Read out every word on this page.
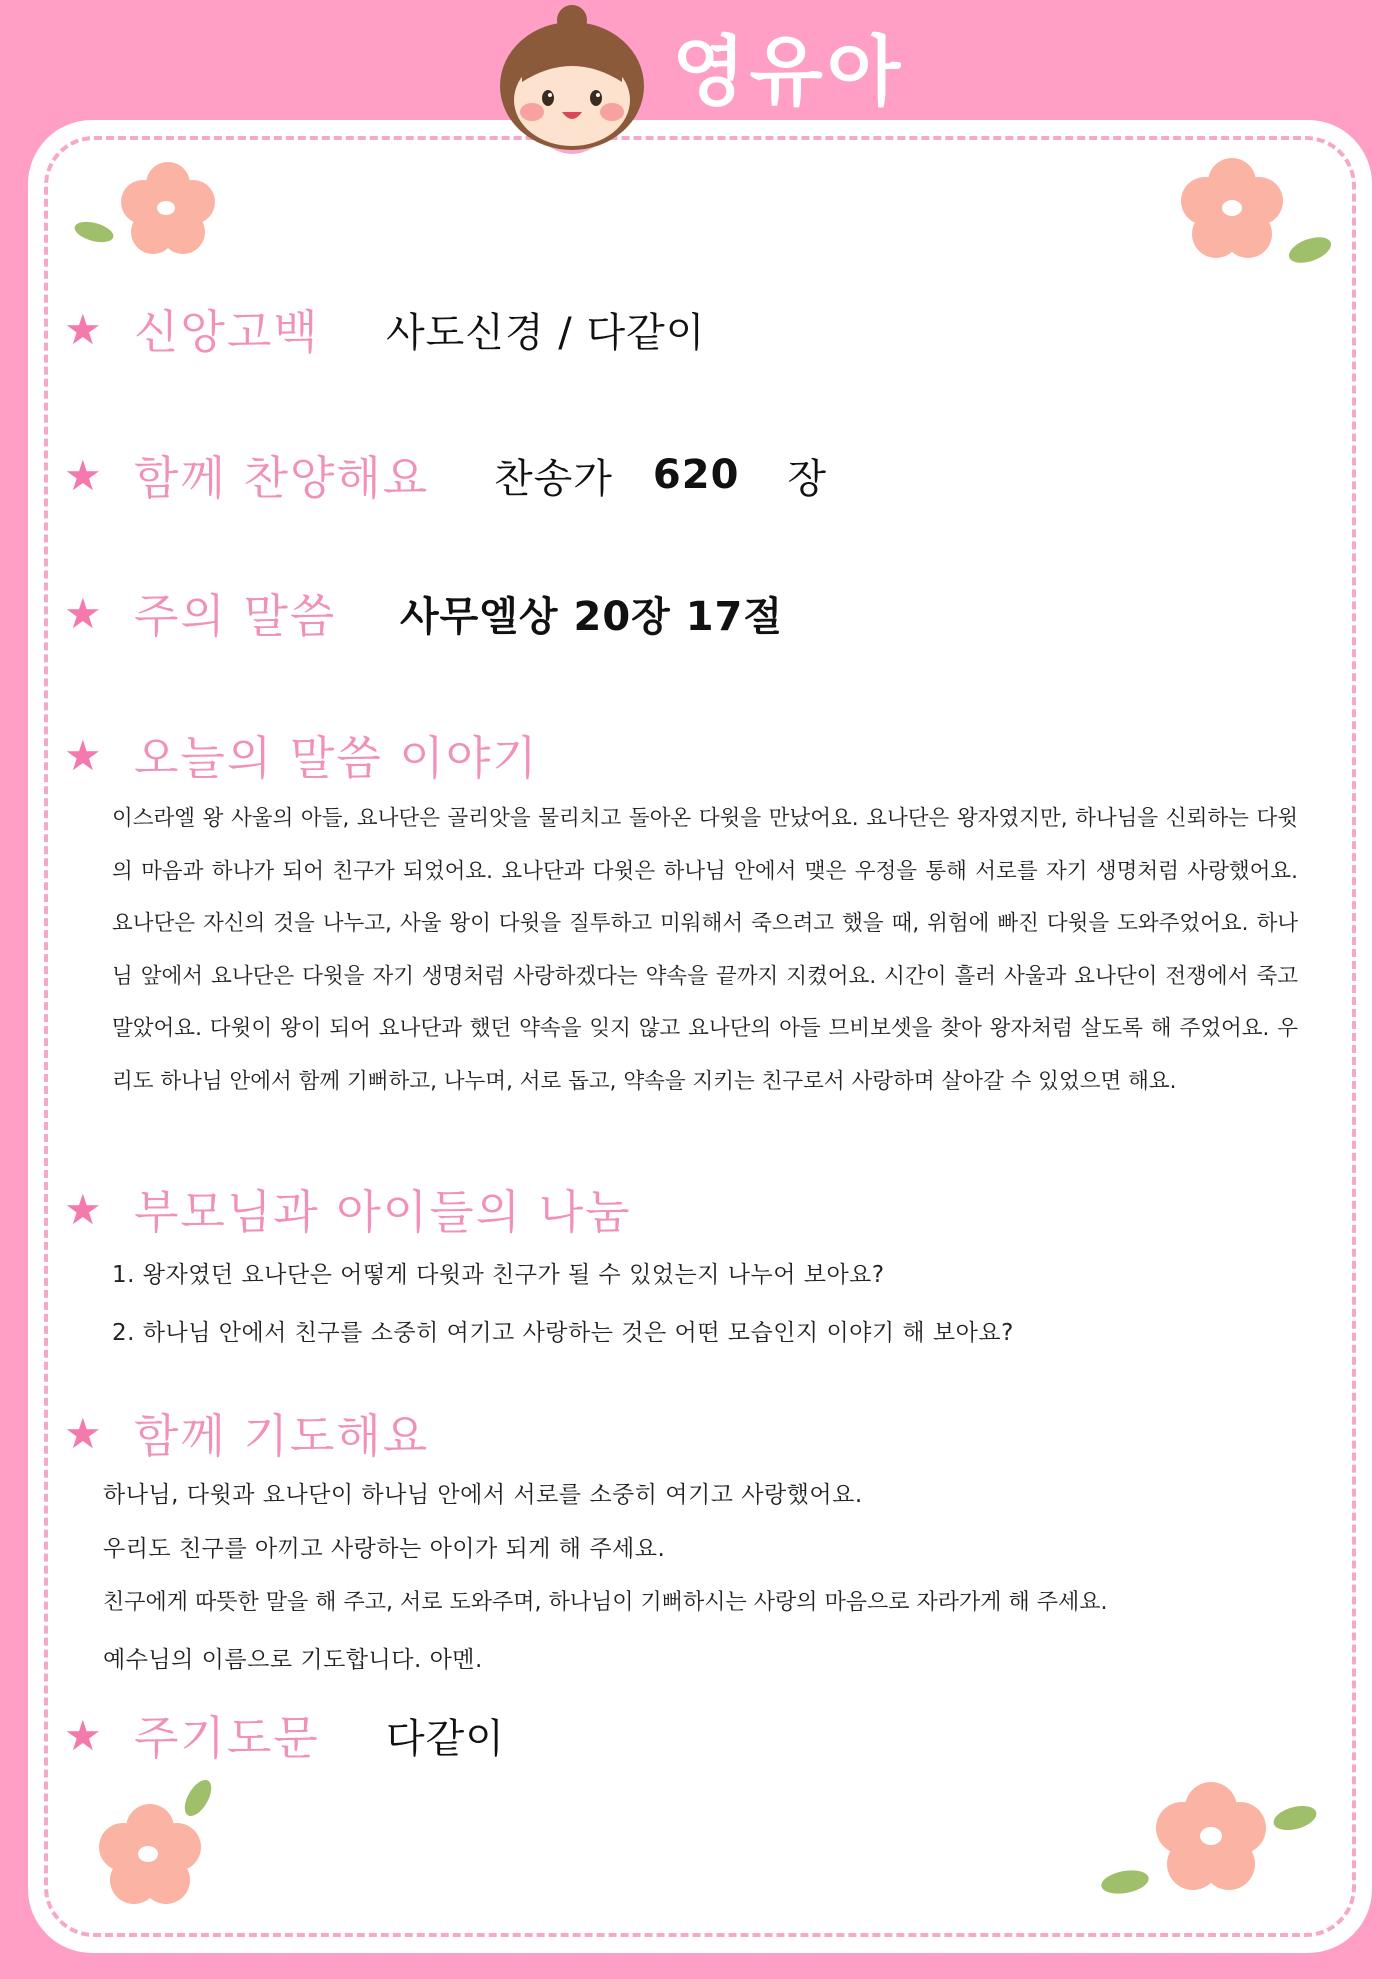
영유아
★ 신앙고백	사도신경 / 다같이
★ 함께 찬양해요	찬송가 620 장
★ 주의 말씀	사무엘상 20장 17절
★ 오늘의 말씀 이야기
이스라엘 왕 사울의 아들, 요나단은 골리앗을 물리치고 돌아온 다윗을 만났어요. 요나단은 왕자였지만, 하나님을 신뢰하는 다윗의 마음과 하나가 되어 친구가 되었어요. 요나단과 다윗은 하나님 안에서 맺은 우정을 통해 서로를 자기 생명처럼 사랑했어요. 요나단은 자신의 것을 나누고, 사울 왕이 다윗을 질투하고 미워해서 죽으려고 했을 때, 위험에 빠진 다윗을 도와주었어요. 하나님 앞에서 요나단은 다윗을 자기 생명처럼 사랑하겠다는 약속을 끝까지 지켰어요. 시간이 흘러 사울과 요나단이 전쟁에서 죽고 말았어요. 다윗이 왕이 되어 요나단과 했던 약속을 잊지 않고 요나단의 아들 므비보셋을 찾아 왕자처럼 살도록 해 주었어요. 우리도 하나님 안에서 함께 기뻐하고, 나누며, 서로 돕고, 약속을 지키는 친구로서 사랑하며 살아갈 수 있었으면 해요.
★ 부모님과 아이들의 나눔
1. 왕자였던 요나단은 어떻게 다윗과 친구가 될 수 있었는지 나누어 보아요?
2. 하나님 안에서 친구를 소중히 여기고 사랑하는 것은 어떤 모습인지 이야기 해 보아요?
★ 함께 기도해요
하나님, 다윗과 요나단이 하나님 안에서 서로를 소중히 여기고 사랑했어요.
우리도 친구를 아끼고 사랑하는 아이가 되게 해 주세요.
친구에게 따뜻한 말을 해 주고, 서로 도와주며, 하나님이 기뻐하시는 사랑의 마음으로 자라가게 해 주세요.
예수님의 이름으로 기도합니다. 아멘.
★ 주기도문	다같이
